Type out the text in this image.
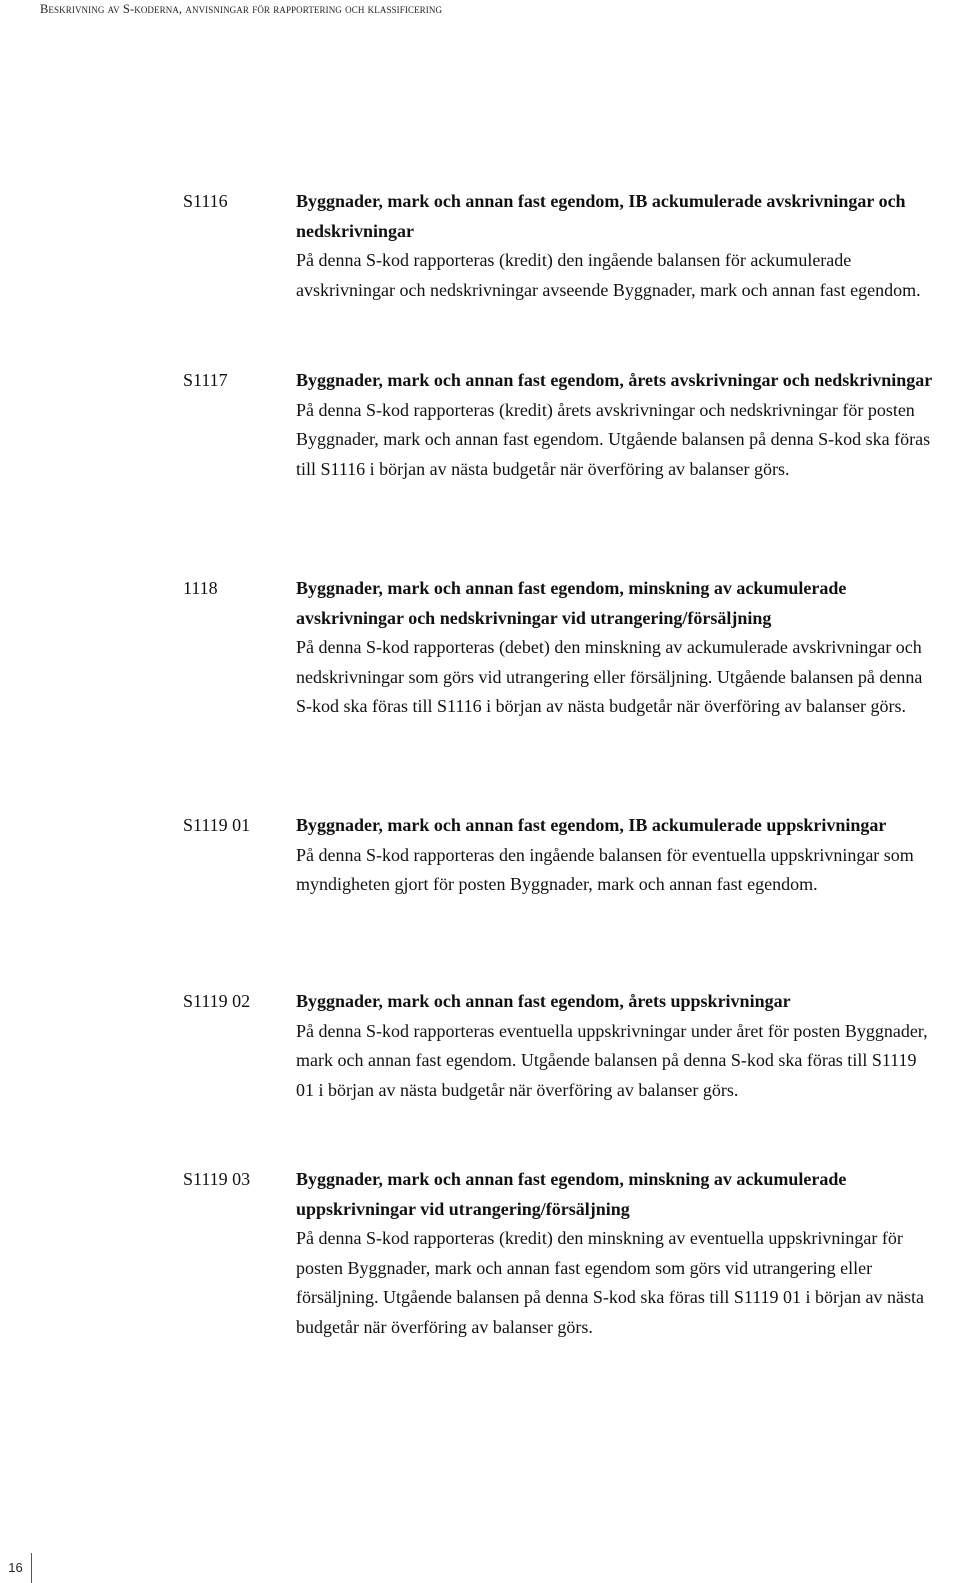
Beskrivning av S-koderna, anvisningar för rapportering och klassificering
S1116	Byggnader, mark och annan fast egendom, IB ackumulerade avskrivningar och nedskrivningar
På denna S-kod rapporteras (kredit) den ingående balansen för ackumulerade avskrivningar och nedskrivningar avseende Byggnader, mark och annan fast egendom.
S1117	Byggnader, mark och annan fast egendom, årets avskrivningar och nedskrivningar
På denna S-kod rapporteras (kredit) årets avskrivningar och nedskrivningar för posten Byggnader, mark och annan fast egendom. Utgående balansen på denna S-kod ska föras till S1116 i början av nästa budgetår när överföring av balanser görs.
1118	Byggnader, mark och annan fast egendom, minskning av ackumulerade avskrivningar och nedskrivningar vid utrangering/försäljning
På denna S-kod rapporteras (debet) den minskning av ackumulerade avskrivningar och nedskrivningar som görs vid utrangering eller försäljning. Utgående balansen på denna S-kod ska föras till S1116 i början av nästa budgetår när överföring av balanser görs.
S1119 01	Byggnader, mark och annan fast egendom, IB ackumulerade uppskrivningar
På denna S-kod rapporteras den ingående balansen för eventuella uppskrivningar som myndigheten gjort för posten Byggnader, mark och annan fast egendom.
S1119 02	Byggnader, mark och annan fast egendom, årets uppskrivningar
På denna S-kod rapporteras eventuella uppskrivningar under året för posten Byggnader, mark och annan fast egendom. Utgående balansen på denna S-kod ska föras till S1119 01 i början av nästa budgetår när överföring av balanser görs.
S1119 03	Byggnader, mark och annan fast egendom, minskning av ackumulerade uppskrivningar vid utrangering/försäljning
På denna S-kod rapporteras (kredit) den minskning av eventuella uppskrivningar för posten Byggnader, mark och annan fast egendom som görs vid utrangering eller försäljning. Utgående balansen på denna S-kod ska föras till S1119 01 i början av nästa budgetår när överföring av balanser görs.
16
